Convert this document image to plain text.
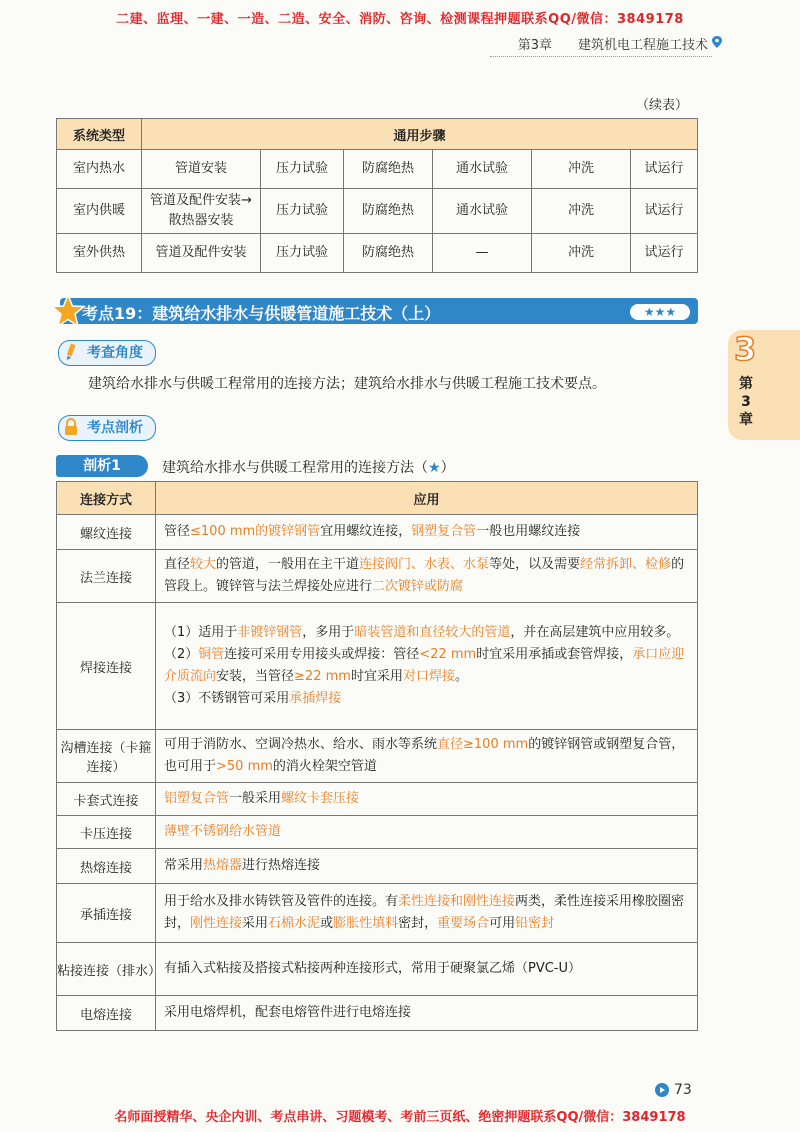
二建、监理、一建、一造、二造、安全、消防、咨询、检测课程押题联系QQ/微信：3849178
第3章 建筑机电工程施工技术
（续表）
系统类型	通用步骤					
室内热水	管道安装	压力试验	防腐绝热	通水试验	冲洗	试运行
室内供暖	管道及配件安装→散热器安装	压力试验	防腐绝热	通水试验	冲洗	试运行
室外供热	管道及配件安装	压力试验	防腐绝热	—	冲洗	试运行
考点19：建筑给水排水与供暖管道施工技术（上）	★★★
考查角度
建筑给水排水与供暖工程常用的连接方法；建筑给水排水与供暖工程施工技术要点。
考点剖析
剖析1	建筑给水排水与供暖工程常用的连接方法（★）
连接方式	应用
螺纹连接	管径≤100 mm的镀锌钢管宜用螺纹连接，钢塑复合管一般也用螺纹连接
法兰连接	直径较大的管道，一般用在主干道连接阀门、水表、水泵等处，以及需要经常拆卸、检修的管段上。镀锌管与法兰焊接处应进行二次镀锌或防腐
焊接连接	（1）适用于非镀锌钢管，多用于暗装管道和直径较大的管道，并在高层建筑中应用较多。
（2）铜管连接可采用专用接头或焊接：管径<22 mm时宜采用承插或套管焊接，承口应迎介质流向安装，当管径≥22 mm时宜采用对口焊接。
（3）不锈钢管可采用承插焊接
沟槽连接（卡箍连接）	可用于消防水、空调冷热水、给水、雨水等系统直径≥100 mm的镀锌钢管或钢塑复合管，也可用于>50 mm的消火栓架空管道
卡套式连接	铝塑复合管一般采用螺纹卡套压接
卡压连接	薄壁不锈钢给水管道
热熔连接	常采用热熔器进行热熔连接
承插连接	用于给水及排水铸铁管及管件的连接。有柔性连接和刚性连接两类，柔性连接采用橡胶圈密封，刚性连接采用石棉水泥或膨胀性填料密封，重要场合可用铅密封
粘接连接（排水）	有插入式粘接及搭接式粘接两种连接形式，常用于硬聚氯乙烯（PVC-U）
电熔连接	采用电熔焊机，配套电熔管件进行电熔连接
3
第3章
73
名师面授精华、央企内训、考点串讲、习题模考、考前三页纸、绝密押题联系QQ/微信：3849178
